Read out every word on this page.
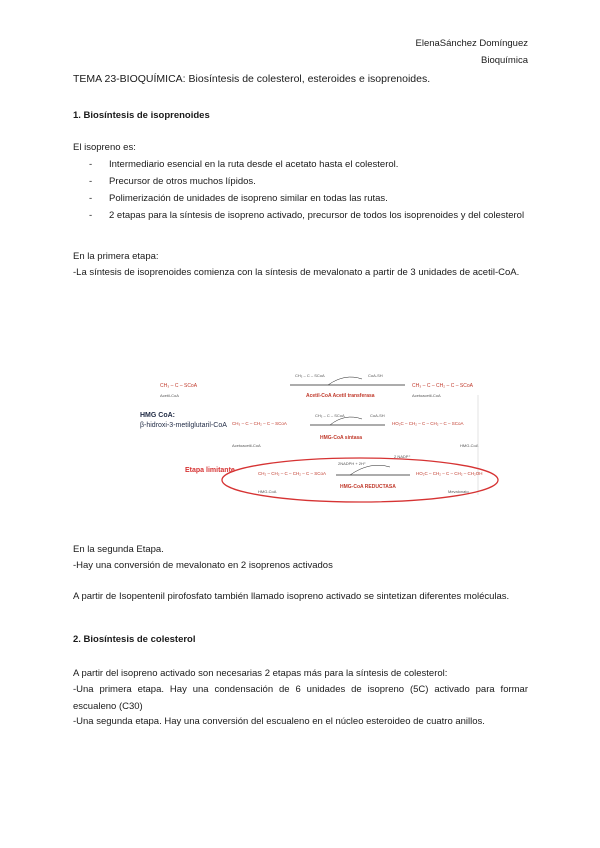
ElenaSánchez Domínguez
Bioquímica
TEMA 23-BIOQUÍMICA: Biosíntesis de colesterol, esteroides e isoprenoides.
1. Biosíntesis de isoprenoides
El isopreno es:
- Intermediario esencial en la ruta desde el acetato hasta el colesterol.
- Precursor de otros muchos lípidos.
- Polimerización de unidades de isopreno similar en todas las rutas.
- 2 etapas para la síntesis de isopreno activado, precursor de todos los isoprenoides y del colesterol
En la primera etapa:
-La síntesis de isoprenoides comienza con la síntesis de mevalonato a partir de 3 unidades de acetil-CoA.
CH₃ – C – SCoA
Acetil-CoA
CH₃ – C – SCoA	CoA-SH
Acetil-CoA Acetil transferasa
CH₃ – C – CH₂ – C – SCoA
Acetoacetil-CoA
HMG CoA:
β-hidroxi-3-metilglutaril-CoA CH₃ – C – CH₂ – C – SCoA
Acetoacetil-CoA
CH₃ – C – SCoA	CoA-SH
HMG-CoA sintasa
HO₂C – CH₂ – C – CH₂ – C – SCoA
HMG-CoA
Etapa limitante	CH₂ – CH₂ – C – CH₂ – C – SCoA
HMG-CoA
2NADPH + 2H⁺
2 NADP⁺
HMG-CoA REDUCTASA
HO₂C – CH₂ – C – CH₂ – CH₂OH
Mevalonato
En la segunda Etapa.
-Hay una conversión de mevalonato en 2 isoprenos activados
A partir de Isopentenil pirofosfato también llamado isopreno activado se sintetizan diferentes moléculas.
2. Biosíntesis de colesterol
A partir del isopreno activado son necesarias 2 etapas más para la síntesis de colesterol:
-Una primera etapa. Hay una condensación de 6 unidades de isopreno (5C) activado para formar escualeno (C30)
-Una segunda etapa. Hay una conversión del escualeno en el núcleo esteroideo de cuatro anillos.
